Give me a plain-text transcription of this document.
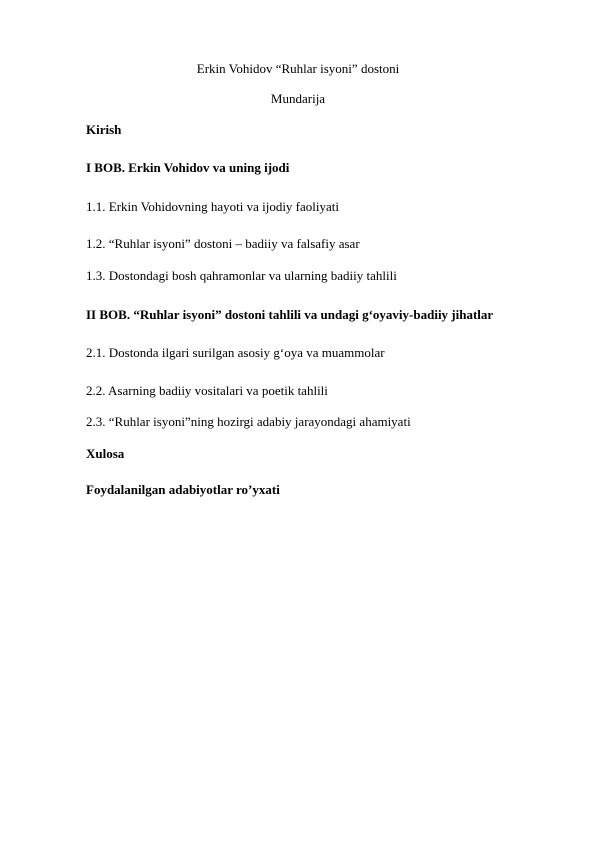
Erkin Vohidov “Ruhlar isyoni” dostoni
Mundarija
Kirish
I BOB. Erkin Vohidov va uning ijodi
1.1. Erkin Vohidovning hayoti va ijodiy faoliyati
1.2. “Ruhlar isyoni” dostoni – badiiy va falsafiy asar
1.3. Dostondagi bosh qahramonlar va ularning badiiy tahlili
II BOB. “Ruhlar isyoni” dostoni tahlili va undagi g‘oyaviy-badiiy jihatlar
2.1. Dostonda ilgari surilgan asosiy g‘oya va muammolar
2.2. Asarning badiiy vositalari va poetik tahlili
2.3. “Ruhlar isyoni”ning hozirgi adabiy jarayondagi ahamiyati
Xulosa
Foydalanilgan adabiyotlar ro’yxati
